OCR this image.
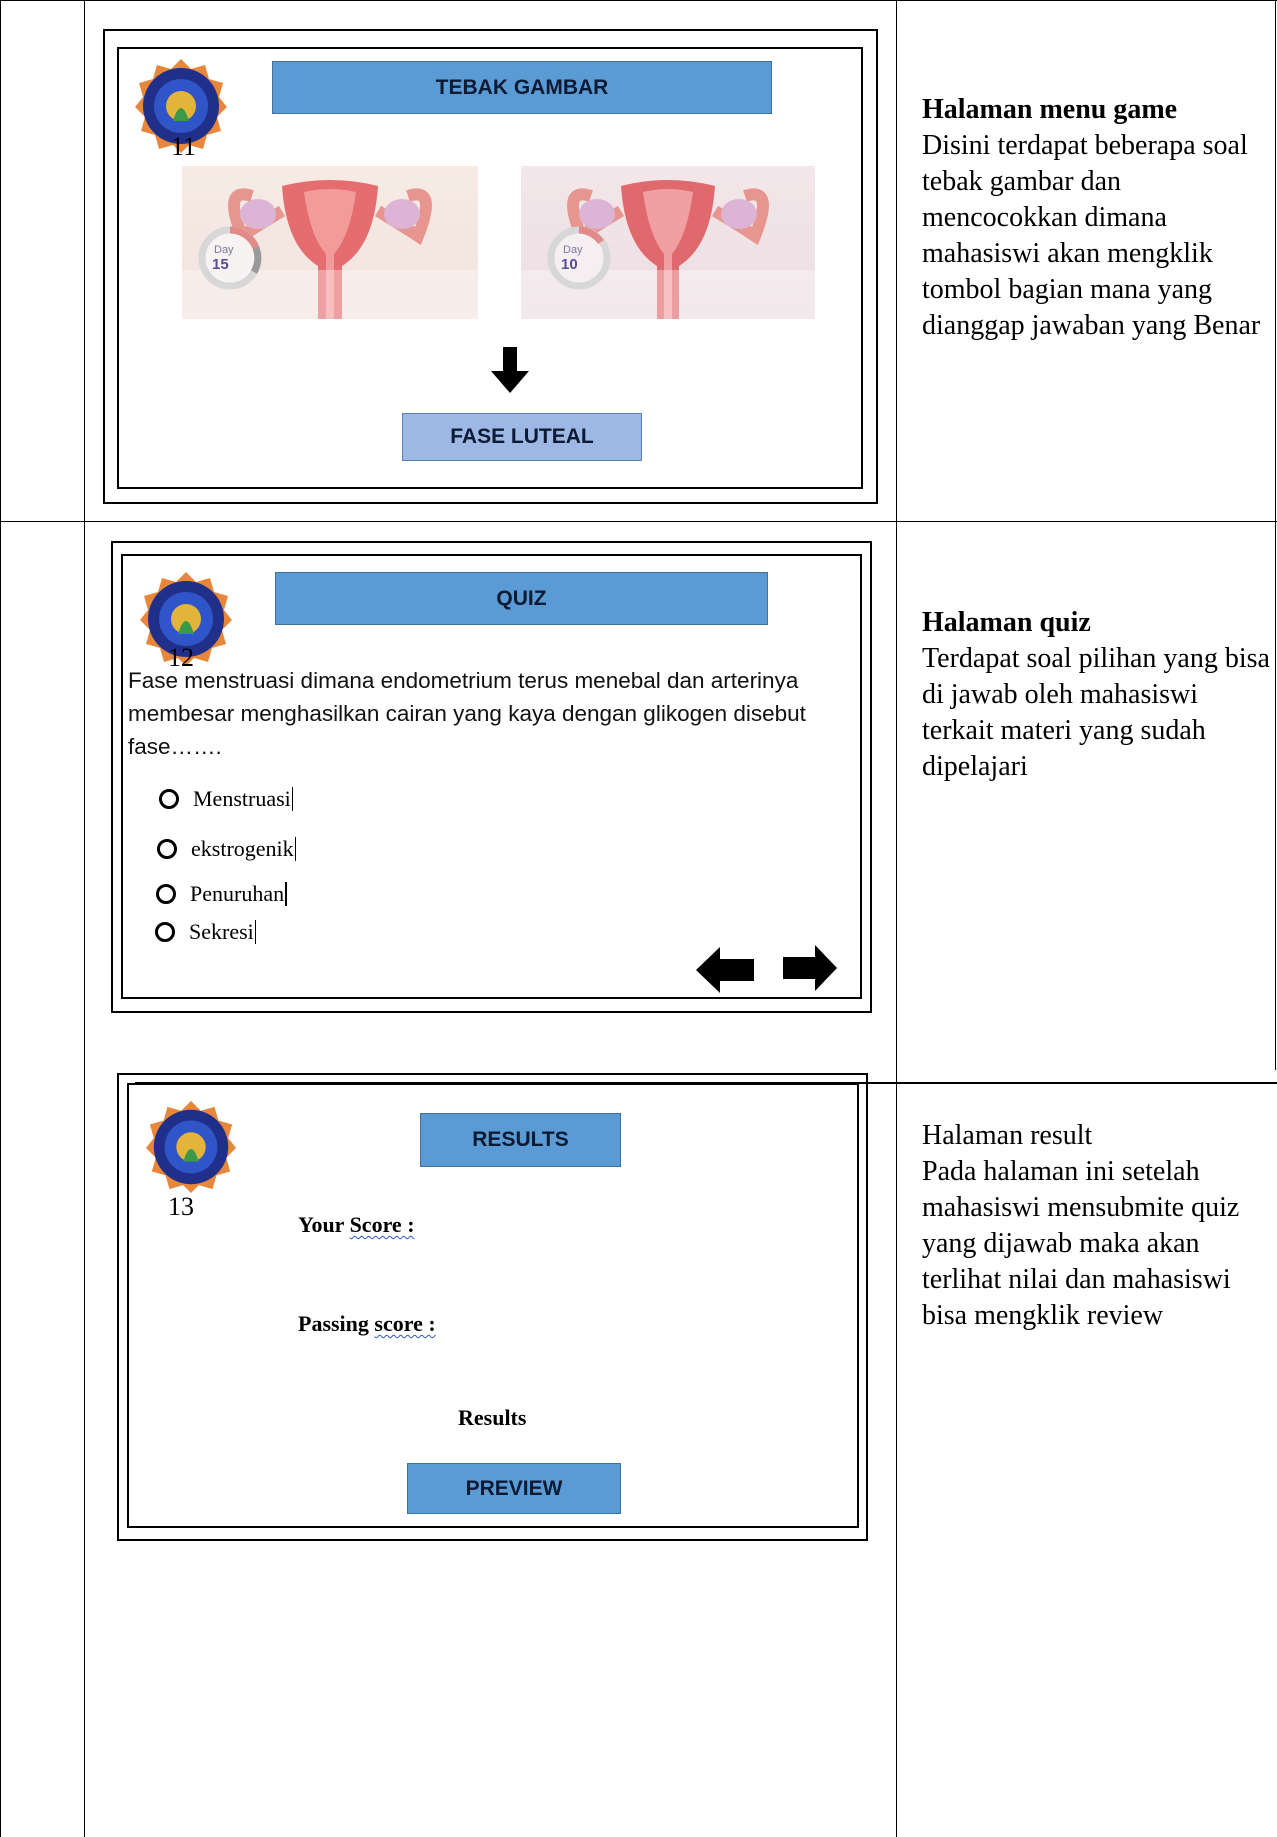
11
TEBAK GAMBAR
Day
15
Day
10
FASE LUTEAL
Halaman menu game
Disini terdapat beberapa soal tebak gambar dan mencocokkan dimana mahasiswi akan mengklik tombol bagian mana yang dianggap jawaban yang Benar
12
QUIZ
Fase menstruasi dimana endometrium terus menebal dan arterinya membesar menghasilkan cairan yang kaya dengan glikogen disebut fase…….
Menstruasi
ekstrogenik
Penuruhan
Sekresi
Halaman quiz
Terdapat soal pilihan yang bisa di jawab oleh mahasiswi terkait materi yang sudah dipelajari
13
RESULTS
Your Score :
Passing score :
Results
PREVIEW
Halaman result
Pada halaman ini setelah mahasiswi mensubmite quiz yang dijawab maka akan terlihat nilai dan mahasiswi bisa mengklik review
